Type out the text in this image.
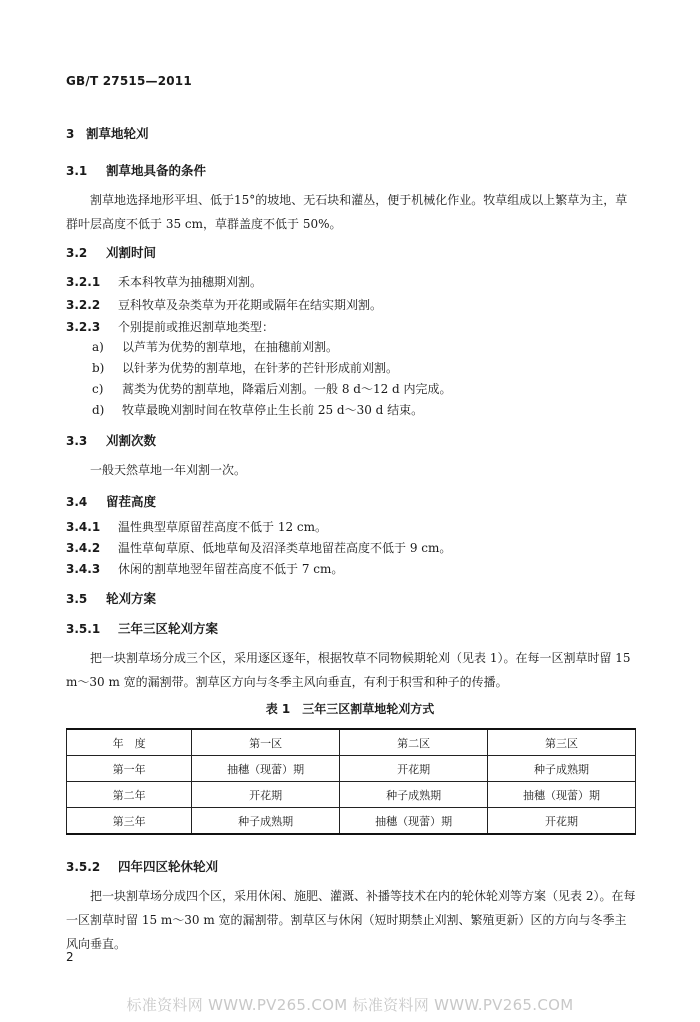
GB/T 27515—2011
3 割草地轮刈
3.1 割草地具备的条件
割草地选择地形平坦、低于15°的坡地、无石块和灌丛，便于机械化作业。牧草组成以上繁草为主，草群叶层高度不低于 35 cm，草群盖度不低于 50%。
3.2 刈割时间
3.2.1 禾本科牧草为抽穗期刈割。
3.2.2 豆科牧草及杂类草为开花期或隔年在结实期刈割。
3.2.3 个别提前或推迟割草地类型：
a) 以芦苇为优势的割草地，在抽穗前刈割。
b) 以针茅为优势的割草地，在针茅的芒针形成前刈割。
c) 蒿类为优势的割草地，降霜后刈割。一般 8 d～12 d 内完成。
d) 牧草最晚刈割时间在牧草停止生长前 25 d～30 d 结束。
3.3 刈割次数
一般天然草地一年刈割一次。
3.4 留茬高度
3.4.1 温性典型草原留茬高度不低于 12 cm。
3.4.2 温性草甸草原、低地草甸及沼泽类草地留茬高度不低于 9 cm。
3.4.3 休闲的割草地翌年留茬高度不低于 7 cm。
3.5 轮刈方案
3.5.1 三年三区轮刈方案
把一块割草场分成三个区，采用逐区逐年，根据牧草不同物候期轮刈（见表 1）。在每一区割草时留 15 m～30 m 宽的漏割带。割草区方向与冬季主风向垂直，有利于积雪和种子的传播。
表 1　三年三区割草地轮刈方式
年　度	第一区	第二区	第三区
第一年	抽穗（现蕾）期	开花期	种子成熟期
第二年	开花期	种子成熟期	抽穗（现蕾）期
第三年	种子成熟期	抽穗（现蕾）期	开花期
3.5.2 四年四区轮休轮刈
把一块割草场分成四个区，采用休闲、施肥、灌溉、补播等技术在内的轮休轮刈等方案（见表 2）。在每一区割草时留 15 m～30 m 宽的漏割带。割草区与休闲（短时期禁止刈割、繁殖更新）区的方向与冬季主风向垂直。
2
标准资料网 WWW.PV265.COM 标准资料网 WWW.PV265.COM
